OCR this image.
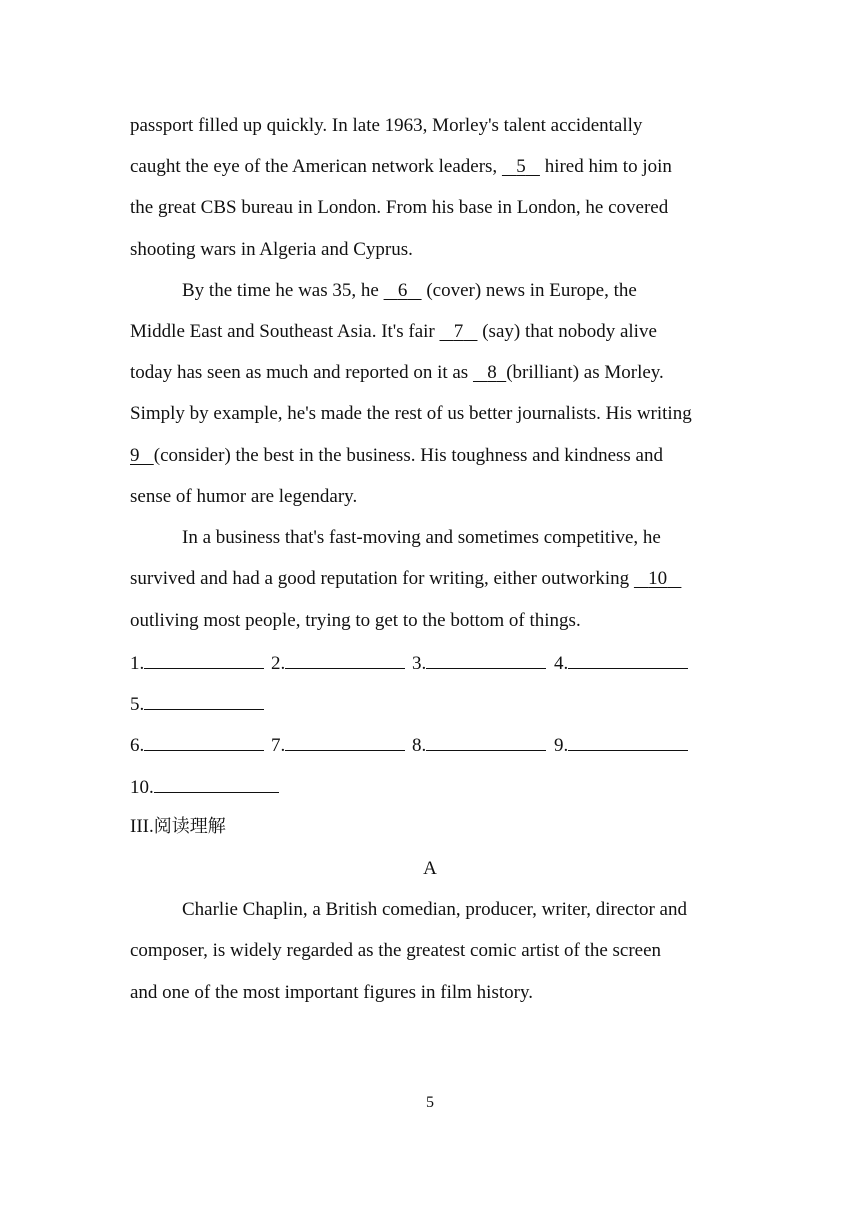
passport filled up quickly. In late 1963, Morley's talent accidentally
caught the eye of the American network leaders,    5    hired him to join
the great CBS bureau in London. From his base in London, he covered
shooting wars in Algeria and Cyprus.
By the time he was 35, he    6    (cover) news in Europe, the
Middle East and Southeast Asia. It's fair    7    (say) that nobody alive
today has seen as much and reported on it as    8 (brilliant) as Morley.
Simply by example, he's made the rest of us better journalists. His writing
9 (consider) the best in the business. His toughness and kindness and
sense of humor are legendary.
In a business that's fast-moving and sometimes competitive, he
survived and had a good reputation for writing, either outworking    10
outliving most people, trying to get to the bottom of things.
1.	2.	3.	4.
5.
6.	7.	8.	9.
10.
III.阅读理解
A
Charlie Chaplin, a British comedian, producer, writer, director and
composer, is widely regarded as the greatest comic artist of the screen
and one of the most important figures in film history.
5
